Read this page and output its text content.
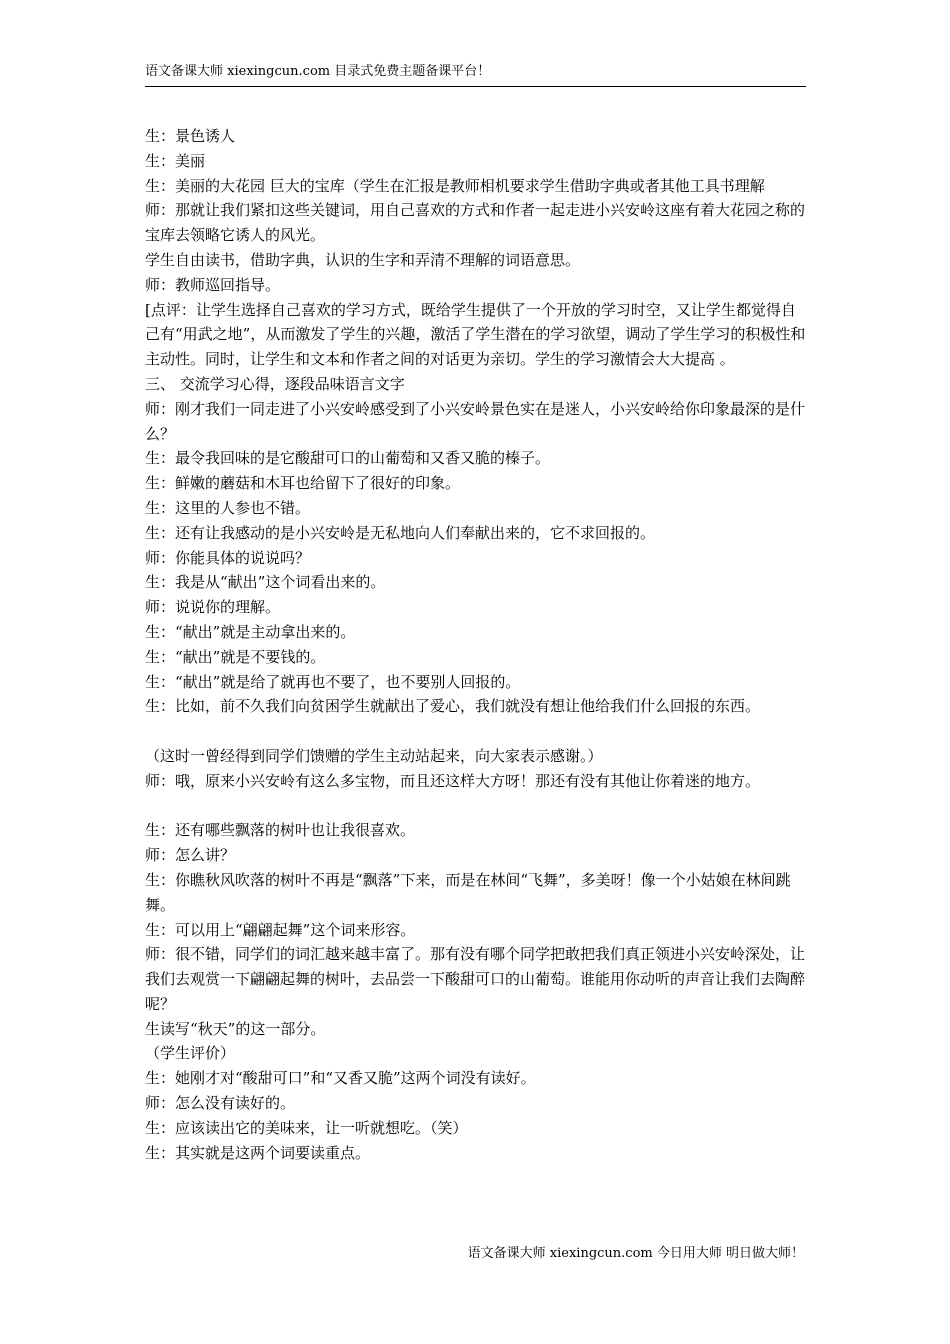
语文备课大师 xiexingcun.com 目录式免费主题备课平台！

生：景色诱人

生：美丽

生：美丽的大花园 巨大的宝库（学生在汇报是教师相机要求学生借助字典或者其他工具书理解

师：那就让我们紧扣这些关键词，用自己喜欢的方式和作者一起走进小兴安岭这座有着大花园之称的宝库去领略它诱人的风光。

学生自由读书，借助字典，认识的生字和弄清不理解的词语意思。

师：教师巡回指导。

[点评：让学生选择自己喜欢的学习方式，既给学生提供了一个开放的学习时空，又让学生都觉得自己有“用武之地”，从而激发了学生的兴趣，激活了学生潜在的学习欲望，调动了学生学习的积极性和主动性。同时，让学生和文本和作者之间的对话更为亲切。学生的学习激情会大大提高 。

三、 交流学习心得，逐段品味语言文字

师：刚才我们一同走进了小兴安岭感受到了小兴安岭景色实在是迷人，小兴安岭给你印象最深的是什么？

生：最令我回味的是它酸甜可口的山葡萄和又香又脆的榛子。

生：鲜嫩的蘑菇和木耳也给留下了很好的印象。

生：这里的人参也不错。

生：还有让我感动的是小兴安岭是无私地向人们奉献出来的，它不求回报的。

师：你能具体的说说吗？

生：我是从“献出”这个词看出来的。

师：说说你的理解。

生：“献出”就是主动拿出来的。

生：“献出”就是不要钱的。

生：“献出”就是给了就再也不要了，也不要别人回报的。

生：比如，前不久我们向贫困学生就献出了爱心，我们就没有想让他给我们什么回报的东西。

（这时一曾经得到同学们馈赠的学生主动站起来，向大家表示感谢。）

师：哦，原来小兴安岭有这么多宝物，而且还这样大方呀！那还有没有其他让你着迷的地方。

生：还有哪些飘落的树叶也让我很喜欢。

师：怎么讲？

生：你瞧秋风吹落的树叶不再是“飘落”下来，而是在林间“飞舞”，多美呀！像一个小姑娘在林间跳舞。

生：可以用上“翩翩起舞”这个词来形容。

师：很不错，同学们的词汇越来越丰富了。那有没有哪个同学把敢把我们真正领进小兴安岭深处，让我们去观赏一下翩翩起舞的树叶，去品尝一下酸甜可口的山葡萄。谁能用你动听的声音让我们去陶醉呢？

生读写“秋天”的这一部分。

（学生评价）

生：她刚才对“酸甜可口”和“又香又脆”这两个词没有读好。

师：怎么没有读好的。

生：应该读出它的美味来，让一听就想吃。（笑）

生：其实就是这两个词要读重点。

语文备课大师 xiexingcun.com 今日用大师 明日做大师！
